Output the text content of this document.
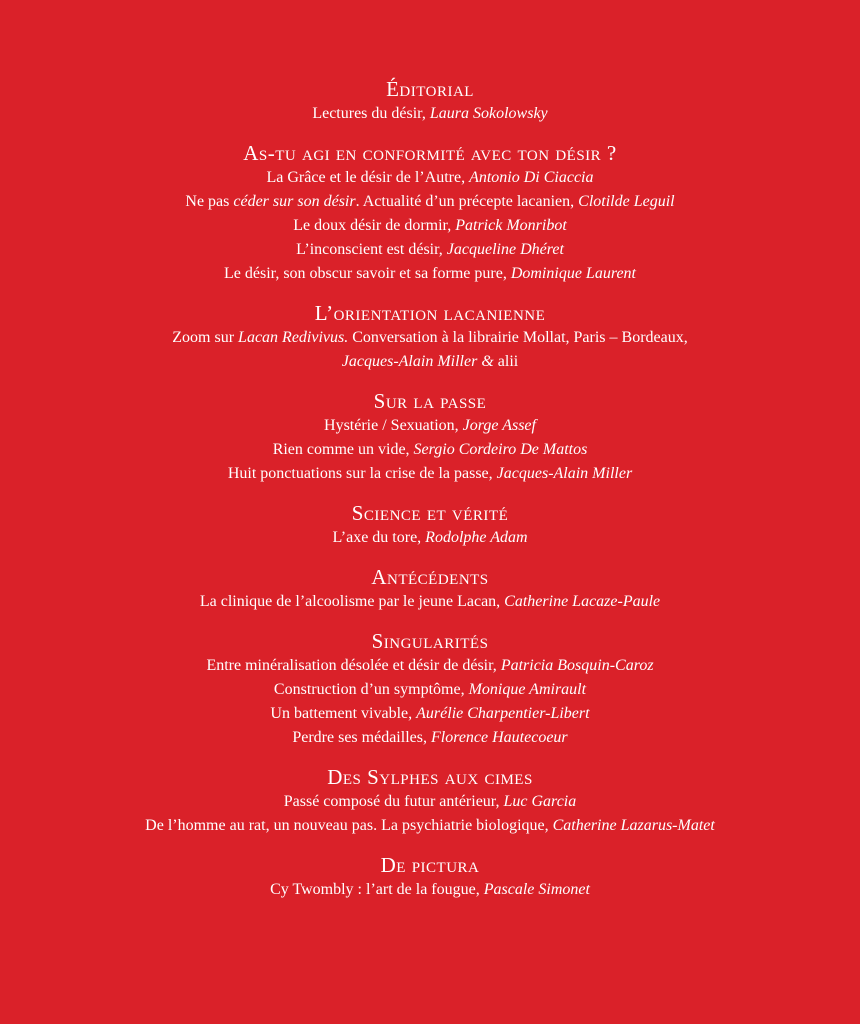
Éditorial

Lectures du désir, Laura Sokolowsky

As-tu agi en conformité avec ton désir ?

La Grâce et le désir de l’Autre, Antonio Di Ciaccia

Ne pas céder sur son désir. Actualité d’un précepte lacanien, Clotilde Leguil

Le doux désir de dormir, Patrick Monribot

L’inconscient est désir, Jacqueline Dhéret

Le désir, son obscur savoir et sa forme pure, Dominique Laurent

L’orientation lacanienne

Zoom sur Lacan Redivivus. Conversation à la librairie Mollat, Paris – Bordeaux,

Jacques-Alain Miller & alii

Sur la passe

Hystérie / Sexuation, Jorge Assef

Rien comme un vide, Sergio Cordeiro De Mattos

Huit ponctuations sur la crise de la passe, Jacques-Alain Miller

Science et vérité

L’axe du tore, Rodolphe Adam

Antécédents

La clinique de l’alcoolisme par le jeune Lacan, Catherine Lacaze-Paule

Singularités

Entre minéralisation désolée et désir de désir, Patricia Bosquin-Caroz

Construction d’un symptôme, Monique Amirault

Un battement vivable, Aurélie Charpentier-Libert

Perdre ses médailles, Florence Hautecoeur

Des Sylphes aux cimes

Passé composé du futur antérieur, Luc Garcia

De l’homme au rat, un nouveau pas. La psychiatrie biologique, Catherine Lazarus-Matet

De pictura

Cy Twombly : l’art de la fougue, Pascale Simonet
